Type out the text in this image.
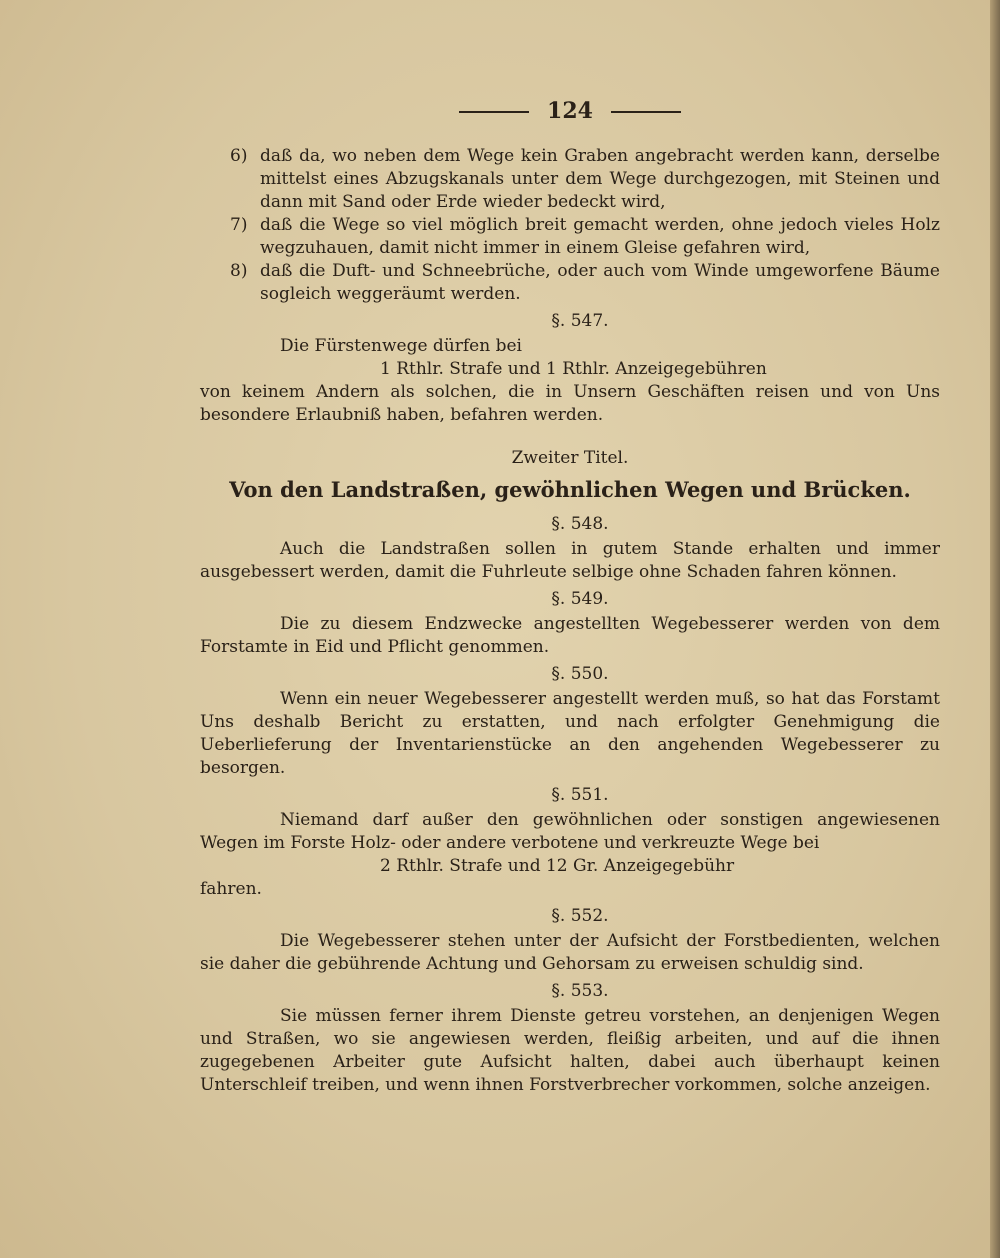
124
6) daß da, wo neben dem Wege kein Graben angebracht werden kann, derselbe mittelst eines Abzugskanals unter dem Wege durchgezogen, mit Steinen und dann mit Sand oder Erde wieder bedeckt wird,
7) daß die Wege so viel möglich breit gemacht werden, ohne jedoch vieles Holz wegzuhauen, damit nicht immer in einem Gleise gefahren wird,
8) daß die Duft- und Schneebrüche, oder auch vom Winde umgeworfene Bäume sogleich weggeräumt werden.
§. 547.

Die Fürstenwege dürfen bei

1 Rthlr. Strafe und 1 Rthlr. Anzeigegebühren

von keinem Andern als solchen, die in Unsern Geschäften reisen und von Uns besondere Erlaubniß haben, befahren werden.

Zweiter Titel.
Von den Landstraßen, gewöhnlichen Wegen und Brücken.
§. 548.

Auch die Landstraßen sollen in gutem Stande erhalten und immer ausgebessert werden, damit die Fuhrleute selbige ohne Schaden fahren können.

§. 549.

Die zu diesem Endzwecke angestellten Wegebesserer werden von dem Forstamte in Eid und Pflicht genommen.

§. 550.

Wenn ein neuer Wegebesserer angestellt werden muß, so hat das Forstamt Uns deshalb Bericht zu erstatten, und nach erfolgter Genehmigung die Ueberlieferung der Inventarienstücke an den angehenden Wegebesserer zu besorgen.

§. 551.

Niemand darf außer den gewöhnlichen oder sonstigen angewiesenen Wegen im Forste Holz- oder andere verbotene und verkreuzte Wege bei

2 Rthlr. Strafe und 12 Gr. Anzeigegebühr

fahren.

§. 552.

Die Wegebesserer stehen unter der Aufsicht der Forstbedienten, welchen sie daher die gebührende Achtung und Gehorsam zu erweisen schuldig sind.

§. 553.

Sie müssen ferner ihrem Dienste getreu vorstehen, an denjenigen Wegen und Straßen, wo sie angewiesen werden, fleißig arbeiten, und auf die ihnen zugegebenen Arbeiter gute Aufsicht halten, dabei auch überhaupt keinen Unterschleif treiben, und wenn ihnen Forstverbrecher vorkommen, solche anzeigen.
